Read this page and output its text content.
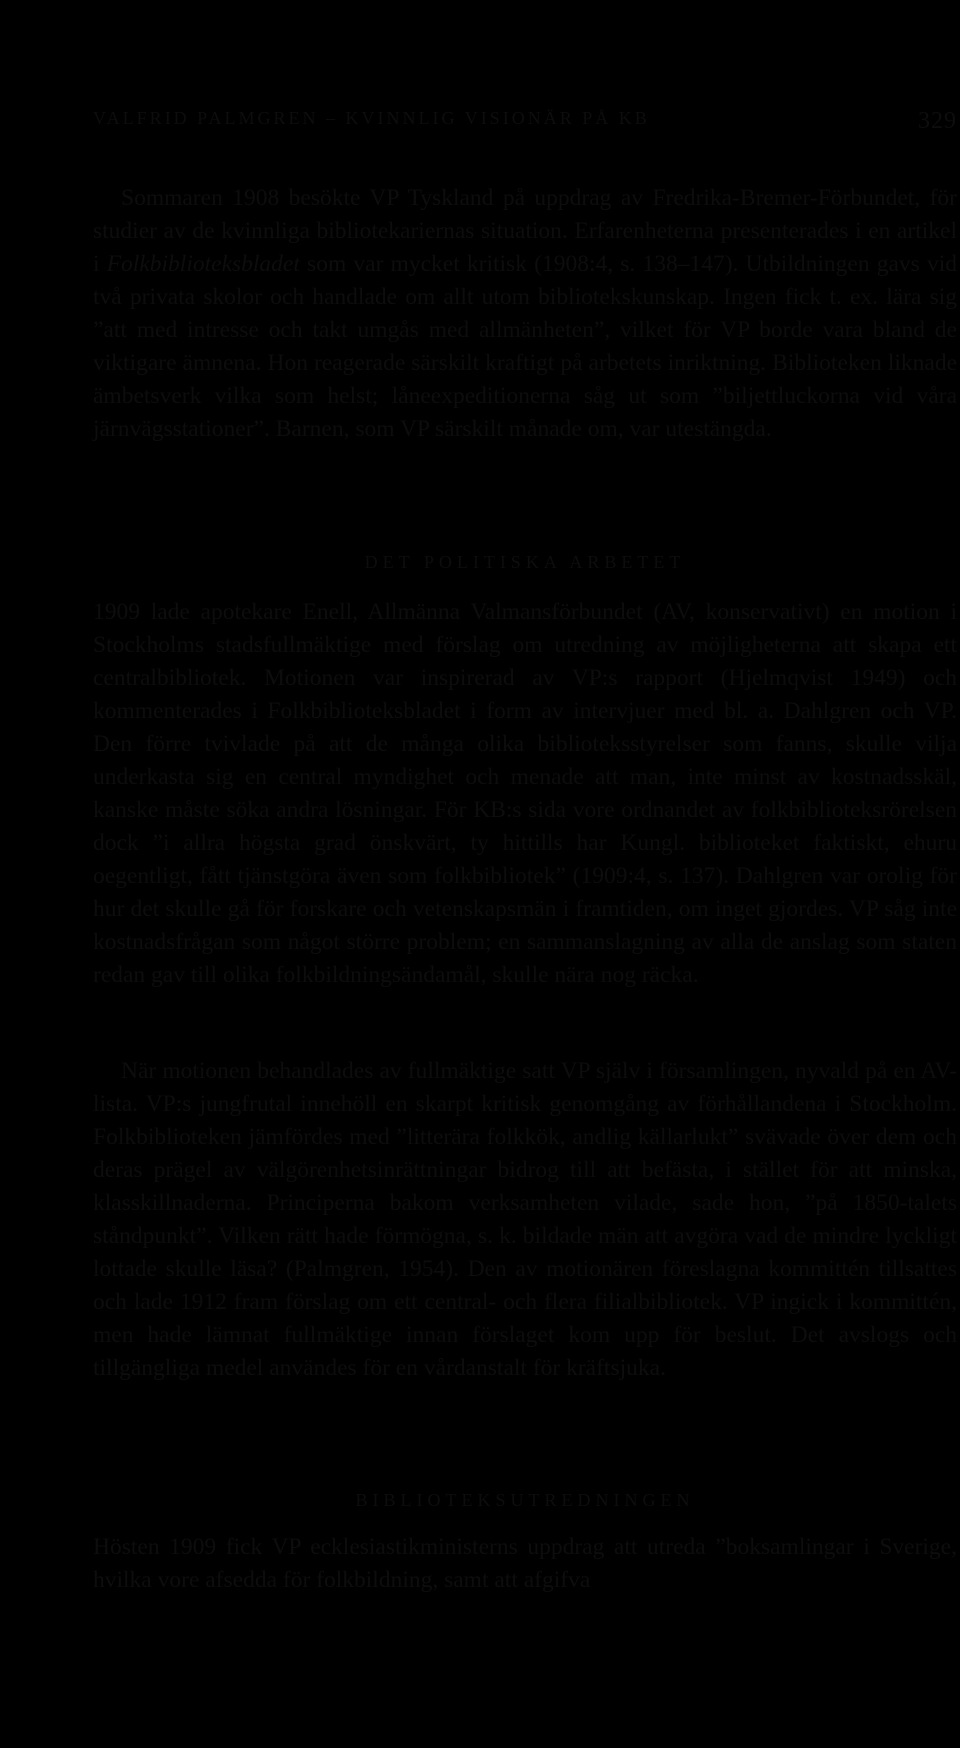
VALFRID PALMGREN – KVINNLIG VISIONÄR PÅ KB	329

Sommaren 1908 besökte VP Tyskland på uppdrag av Fredrika-Bremer-Förbundet, för studier av de kvinnliga bibliotekariernas situation. Erfarenheterna presenterades i en artikel i Folkbiblioteksbladet som var mycket kritisk (1908:4, s. 138–147). Utbildningen gavs vid två privata skolor och handlade om allt utom bibliotekskunskap. Ingen fick t. ex. lära sig ”att med intresse och takt umgås med allmänheten”, vilket för VP borde vara bland de viktigare ämnena. Hon reagerade särskilt kraftigt på arbetets inriktning. Biblioteken liknade ämbetsverk vilka som helst; låneexpeditionerna såg ut som ”biljettluckorna vid våra järnvägsstationer”. Barnen, som VP särskilt månade om, var utestängda.

DET POLITISKA ARBETET

1909 lade apotekare Enell, Allmänna Valmansförbundet (AV, konservativt) en motion i Stockholms stadsfullmäktige med förslag om utredning av möjligheterna att skapa ett centralbibliotek. Motionen var inspirerad av VP:s rapport (Hjelmqvist 1949) och kommenterades i Folkbiblioteksbladet i form av intervjuer med bl. a. Dahlgren och VP. Den förre tvivlade på att de många olika biblioteksstyrelser som fanns, skulle vilja underkasta sig en central myndighet och menade att man, inte minst av kostnadsskäl, kanske måste söka andra lösningar. För KB:s sida vore ordnandet av folkbiblioteksrörelsen dock ”i allra högsta grad önskvärt, ty hittills har Kungl. biblioteket faktiskt, ehuru oegentligt, fått tjänstgöra även som folkbibliotek” (1909:4, s. 137). Dahlgren var orolig för hur det skulle gå för forskare och vetenskapsmän i framtiden, om inget gjordes. VP såg inte kostnadsfrågan som något större problem; en sammanslagning av alla de anslag som staten redan gav till olika folkbildningsändamål, skulle nära nog räcka.

När motionen behandlades av fullmäktige satt VP själv i församlingen, nyvald på en AV-lista. VP:s jungfrutal innehöll en skarpt kritisk genomgång av förhållandena i Stockholm. Folkbiblioteken jämfördes med ”litterära folkkök, andlig källarlukt” svävade över dem och deras prägel av välgörenhetsinrättningar bidrog till att befästa, i stället för att minska, klasskillnaderna. Principerna bakom verksamheten vilade, sade hon, ”på 1850-talets ståndpunkt”. Vilken rätt hade förmögna, s. k. bildade män att avgöra vad de mindre lyckligt lottade skulle läsa? (Palmgren, 1954). Den av motionären föreslagna kommittén tillsattes och lade 1912 fram förslag om ett central- och flera filialbibliotek. VP ingick i kommittén, men hade lämnat fullmäktige innan förslaget kom upp för beslut. Det avslogs och tillgängliga medel användes för en vårdanstalt för kräftsjuka.

BIBLIOTEKSUTREDNINGEN

Hösten 1909 fick VP ecklesiastikministerns uppdrag att utreda ”boksamlingar i Sverige, hvilka vore afsedda för folkbildning, samt att afgifva
